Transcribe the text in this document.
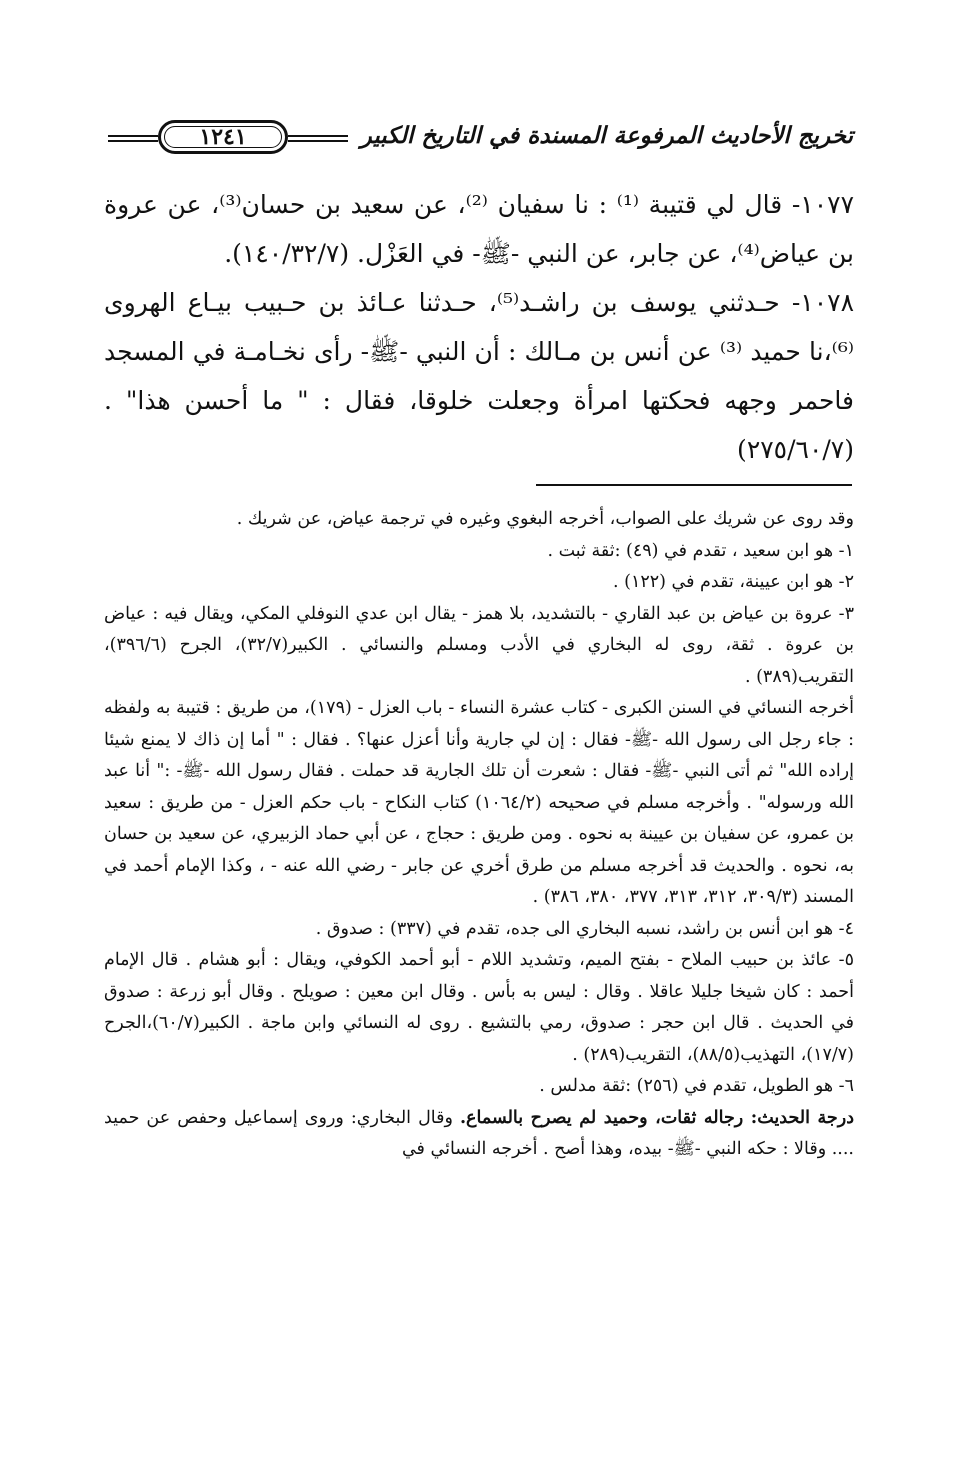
تخريج الأحاديث المرفوعة المسندة في التاريخ الكبير
١٢٤١

١٠٧٧- قال لي قتيبة ⁽¹⁾ : نا سفيان ⁽²⁾، عن سعيد بن حسان⁽³⁾، عن عروة بن عياض⁽⁴⁾، عن جابر، عن النبي -ﷺ- في العَزْل. (١٤٠/٣٢/٧).

١٠٧٨- حـدثني يوسف بن راشـد⁽⁵⁾، حـدثنا عـائذ بن حـبيب بيـاع الهروى ⁽⁶⁾،نا حميد ⁽³⁾ عن أنس بن مـالك : أن النبي -ﷺ- رأى نخـامـة في المسجد فاحمر وجهه فحكتها امرأة وجعلت خلوقا، فقال : " ما أحسن هذا" . (٢٧٥/٦٠/٧)

وقد روى عن شريك على الصواب، أخرجه البغوي وغيره في ترجمة عياض، عن شريك .

١- هو ابن سعيد ، تقدم في (٤٩) :ثقة ثبت .

٢- هو ابن عيينة، تقدم في (١٢٢) .

٣- عروة بن عياض بن عبد القاري - بالتشديد، بلا همز - يقال ابن عدي النوفلي المكي، ويقال فيه : عياض بن عروة . ثقة، روى له البخاري في الأدب ومسلم والنسائي . الكبير(٣٢/٧)، الجرح (٣٩٦/٦)، التقريب(٣٨٩) .

أخرجه النسائي في السنن الكبرى - كتاب عشرة النساء - باب العزل - (١٧٩)، من طريق : قتيبة به ولفظه : جاء رجل الى رسول الله -ﷺ- فقال : إن لي جارية وأنا أعزل عنها؟ . فقال : " أما إن ذاك لا يمنع شيئا إراده الله" ثم أتى النبي -ﷺ- فقال : شعرت أن تلك الجارية قد حملت . فقال رسول الله -ﷺ- :" أنا عبد الله ورسوله" . وأخرجه مسلم في صحيحه (١٠٦٤/٢) كتاب النكاح - باب حكم العزل - من طريق : سعيد بن عمرو، عن سفيان بن عيينة به نحوه . ومن طريق : حجاج ، عن أبي حماد الزبيري، عن سعيد بن حسان به، نحوه . والحديث قد أخرجه مسلم من طرق أخري عن جابر - رضي الله عنه - ، وكذا الإمام أحمد في المسند (٣٠٩/٣، ٣١٢، ٣١٣، ٣٧٧، ٣٨٠، ٣٨٦) .

٤- هو ابن أنس بن راشد، نسبه البخاري الى جده، تقدم في (٣٣٧) : صدوق .

٥- عائذ بن حبيب الملاح - بفتح الميم، وتشديد اللام - أبو أحمد الكوفي، ويقال : أبو هشام . قال الإمام أحمد : كان شيخا جليلا عاقلا . وقال : ليس به بأس . وقال ابن معين : صويلح . وقال أبو زرعة : صدوق في الحديث . قال ابن حجر : صدوق، رمي بالتشيع . روى له النسائي وابن ماجة . الكبير(٦٠/٧)،الجرح (١٧/٧)، التهذيب(٨٨/٥)، التقريب(٢٨٩) .

٦- هو الطويل، تقدم في (٢٥٦) :ثقة مدلس .

درجة الحديث: رجاله ثقات، وحميد لم يصرح بالسماع. وقال البخاري: وروى إسماعيل وحفص عن حميد .... وقالا : حكه النبي -ﷺ- بيده، وهذا أصح . أخرجه النسائي في
